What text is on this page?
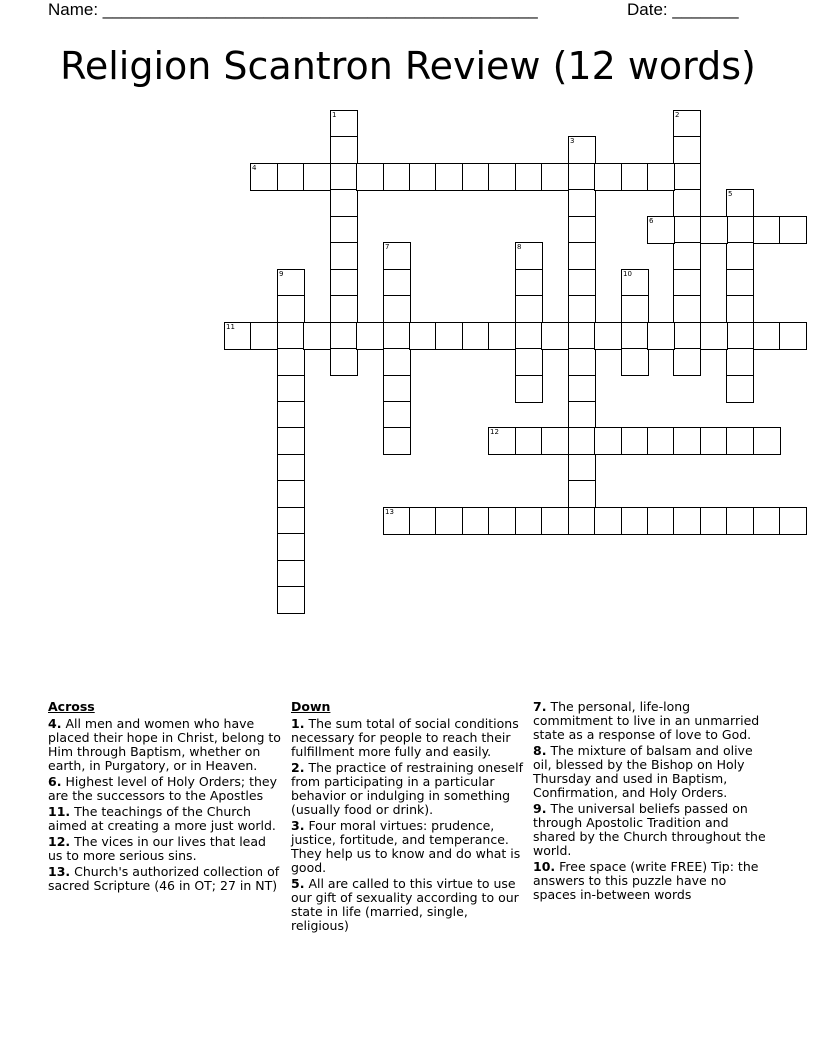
Name: ______________________________________________	Date: _______
Religion Scantron Review (12 words)
1	2
3
4
5
6
7	8
9	10
11
12
13
Across
4. All men and women who have placed their hope in Christ, belong to Him through Baptism, whether on earth, in Purgatory, or in Heaven.
6. Highest level of Holy Orders; they are the successors to the Apostles
11. The teachings of the Church aimed at creating a more just world.
12. The vices in our lives that lead us to more serious sins.
13. Church's authorized collection of sacred Scripture (46 in OT; 27 in NT)
Down
1. The sum total of social conditions necessary for people to reach their fulfillment more fully and easily.
2. The practice of restraining oneself from participating in a particular behavior or indulging in something (usually food or drink).
3. Four moral virtues: prudence, justice, fortitude, and temperance. They help us to know and do what is good.
5. All are called to this virtue to use our gift of sexuality according to our state in life (married, single, religious)
7. The personal, life-long commitment to live in an unmarried state as a response of love to God.
8. The mixture of balsam and olive oil, blessed by the Bishop on Holy Thursday and used in Baptism, Confirmation, and Holy Orders.
9. The universal beliefs passed on through Apostolic Tradition and shared by the Church throughout the world.
10. Free space (write FREE) Tip: the answers to this puzzle have no spaces in-between words
